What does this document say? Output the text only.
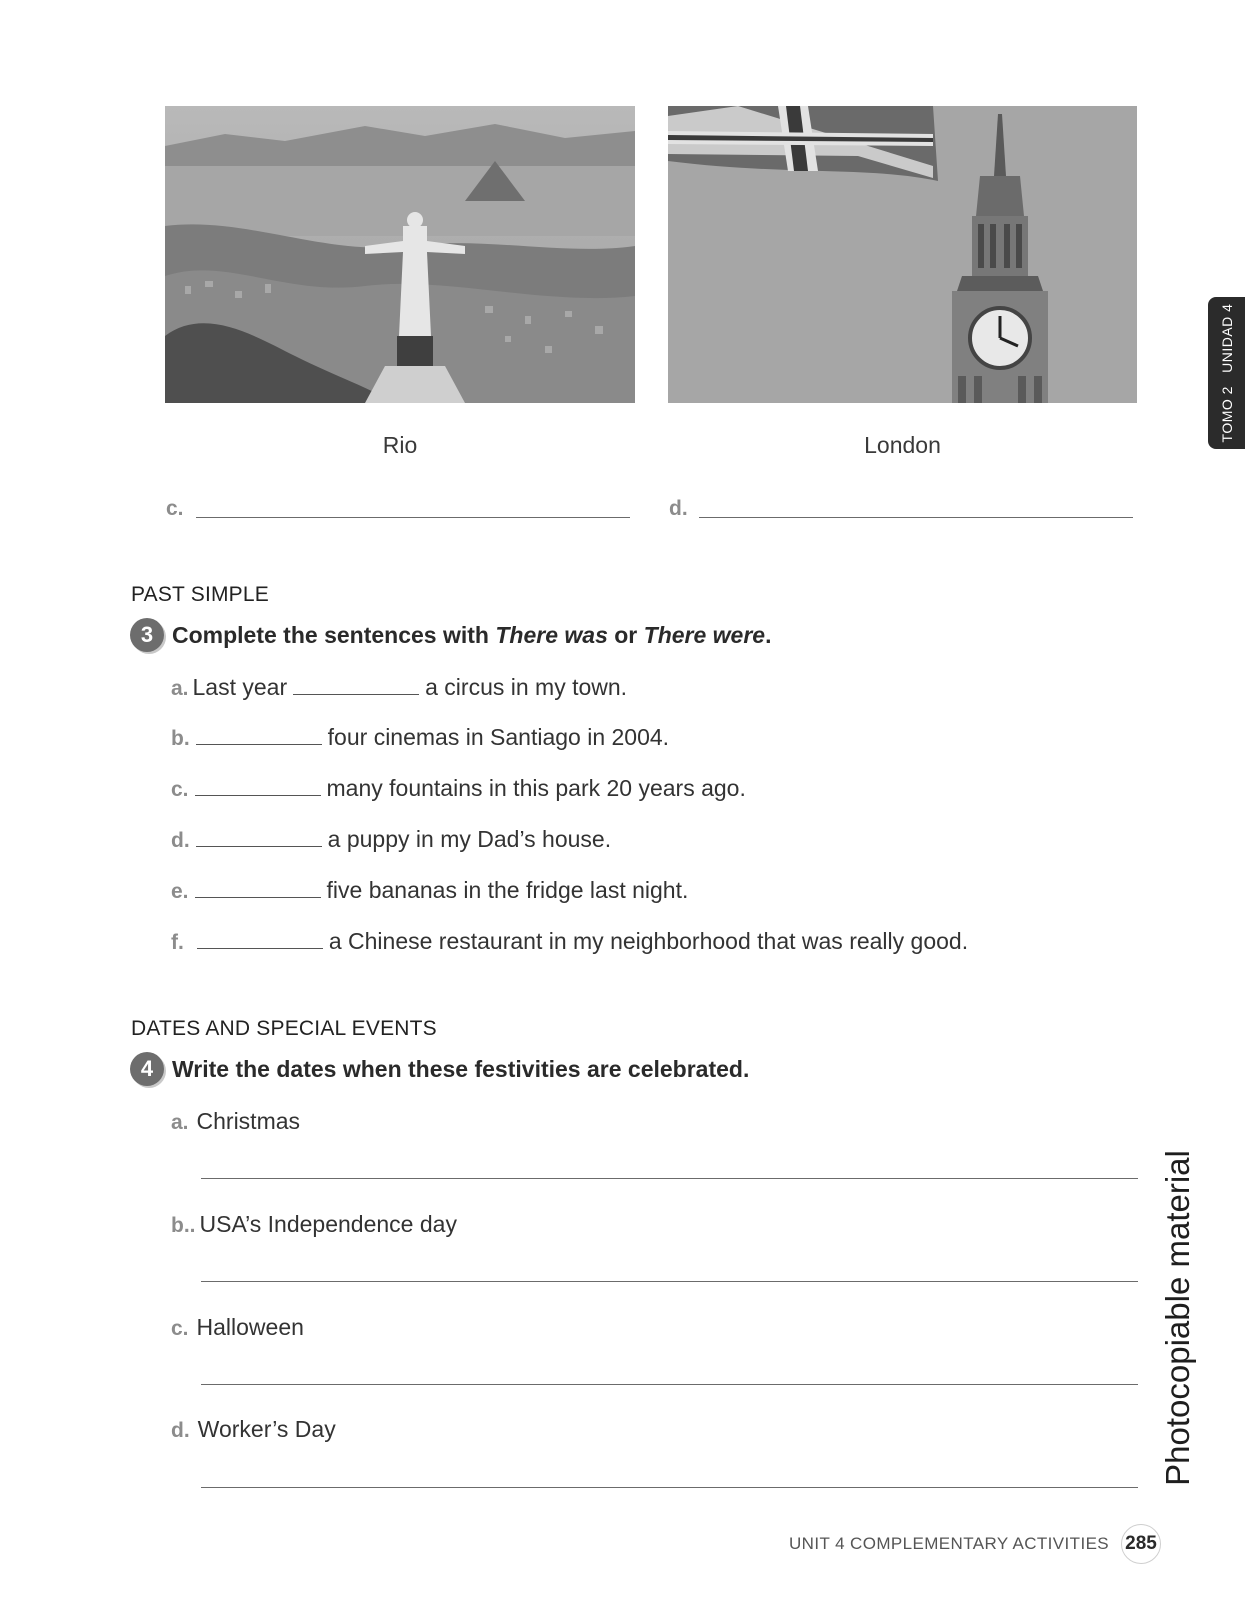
Rio	London
c.	d.
PAST SIMPLE
3 Complete the sentences with There was or There were.
a. Last year	a circus in my town.
b.	four cinemas in Santiago in 2004.
c.	many fountains in this park 20 years ago.
d.	a puppy in my Dad’s house.
e.	five bananas in the fridge last night.
f.	a Chinese restaurant in my neighborhood that was really good.
DATES AND SPECIAL EVENTS
4 Write the dates when these festivities are celebrated.
a. Christmas
b.. USA’s Independence day
c. Halloween
d. Worker’s Day
TOMO 2   UNIDAD 4
Photocopiable material
UNIT 4 COMPLEMENTARY ACTIVITIES 285
